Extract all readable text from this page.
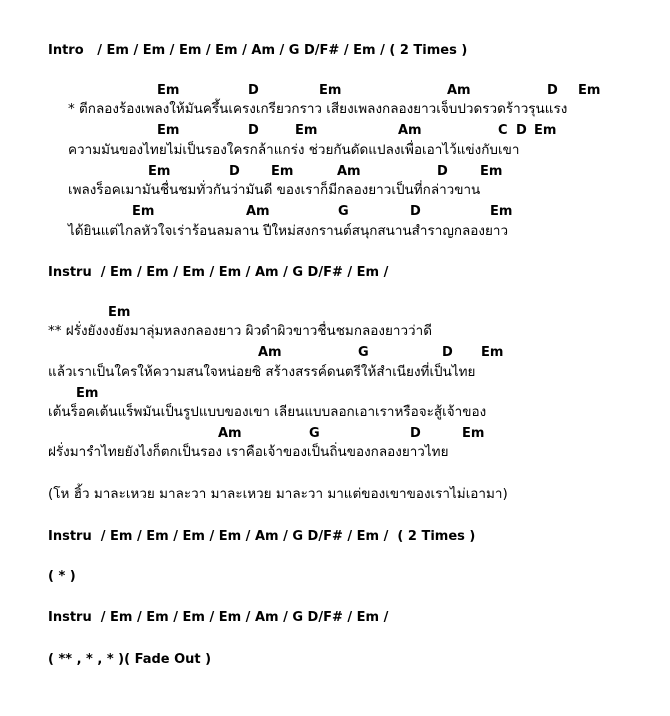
Intro   / Em / Em / Em / Em / Am / G D/F# / Em / ( 2 Times )
Em	D	Em	Am	D Em
* ตีกลองร้องเพลงให้มันครึ้นเครงเกรียวกราว เสียงเพลงกลองยาวเจ็บปวดรวดร้าวรุนแรง
Em	D	Em	Am	C D Em
ความมันของไทยไม่เป็นรองใครกล้าแกร่ง ช่วยกันดัดแปลงเพื่อเอาไว้แข่งกับเขา
Em	D Em	Am	D Em
เพลงร็อคเมามันชื่นชมทั่วกันว่ามันดี ของเราก็มีกลองยาวเป็นที่กล่าวขาน
Em	Am	G	D	Em
ได้ยินแต่ไกลหัวใจเร่าร้อนลมลาน ปีใหม่สงกรานต์สนุกสนานสำราญกลองยาว
Instru  / Em / Em / Em / Em / Am / G D/F# / Em /
Em
** ฝรั่งยังงงยังมาลุ่มหลงกลองยาว ผิวดำผิวขาวชื่นชมกลองยาวว่าดี
Am	G	D Em
แล้วเราเป็นใครให้ความสนใจหน่อยซิ สร้างสรรค์ดนตรีให้สำเนียงที่เป็นไทย
Em
เต้นร็อคเต้นแร็พมันเป็นรูปแบบของเขา เลียนแบบลอกเอาเราหรือจะสู้เจ้าของ
Am	G	D	Em
ฝรั่งมารำไทยยังไงก็ตกเป็นรอง เราคือเจ้าของเป็นถิ่นของกลองยาวไทย
(โห ฮิ้ว มาละเหวย มาละวา มาละเหวย มาละวา มาแต่ของเขาของเราไม่เอามา)
Instru  / Em / Em / Em / Em / Am / G D/F# / Em /  ( 2 Times )
( * )
Instru  / Em / Em / Em / Em / Am / G D/F# / Em /
( ** , * , * )( Fade Out )
